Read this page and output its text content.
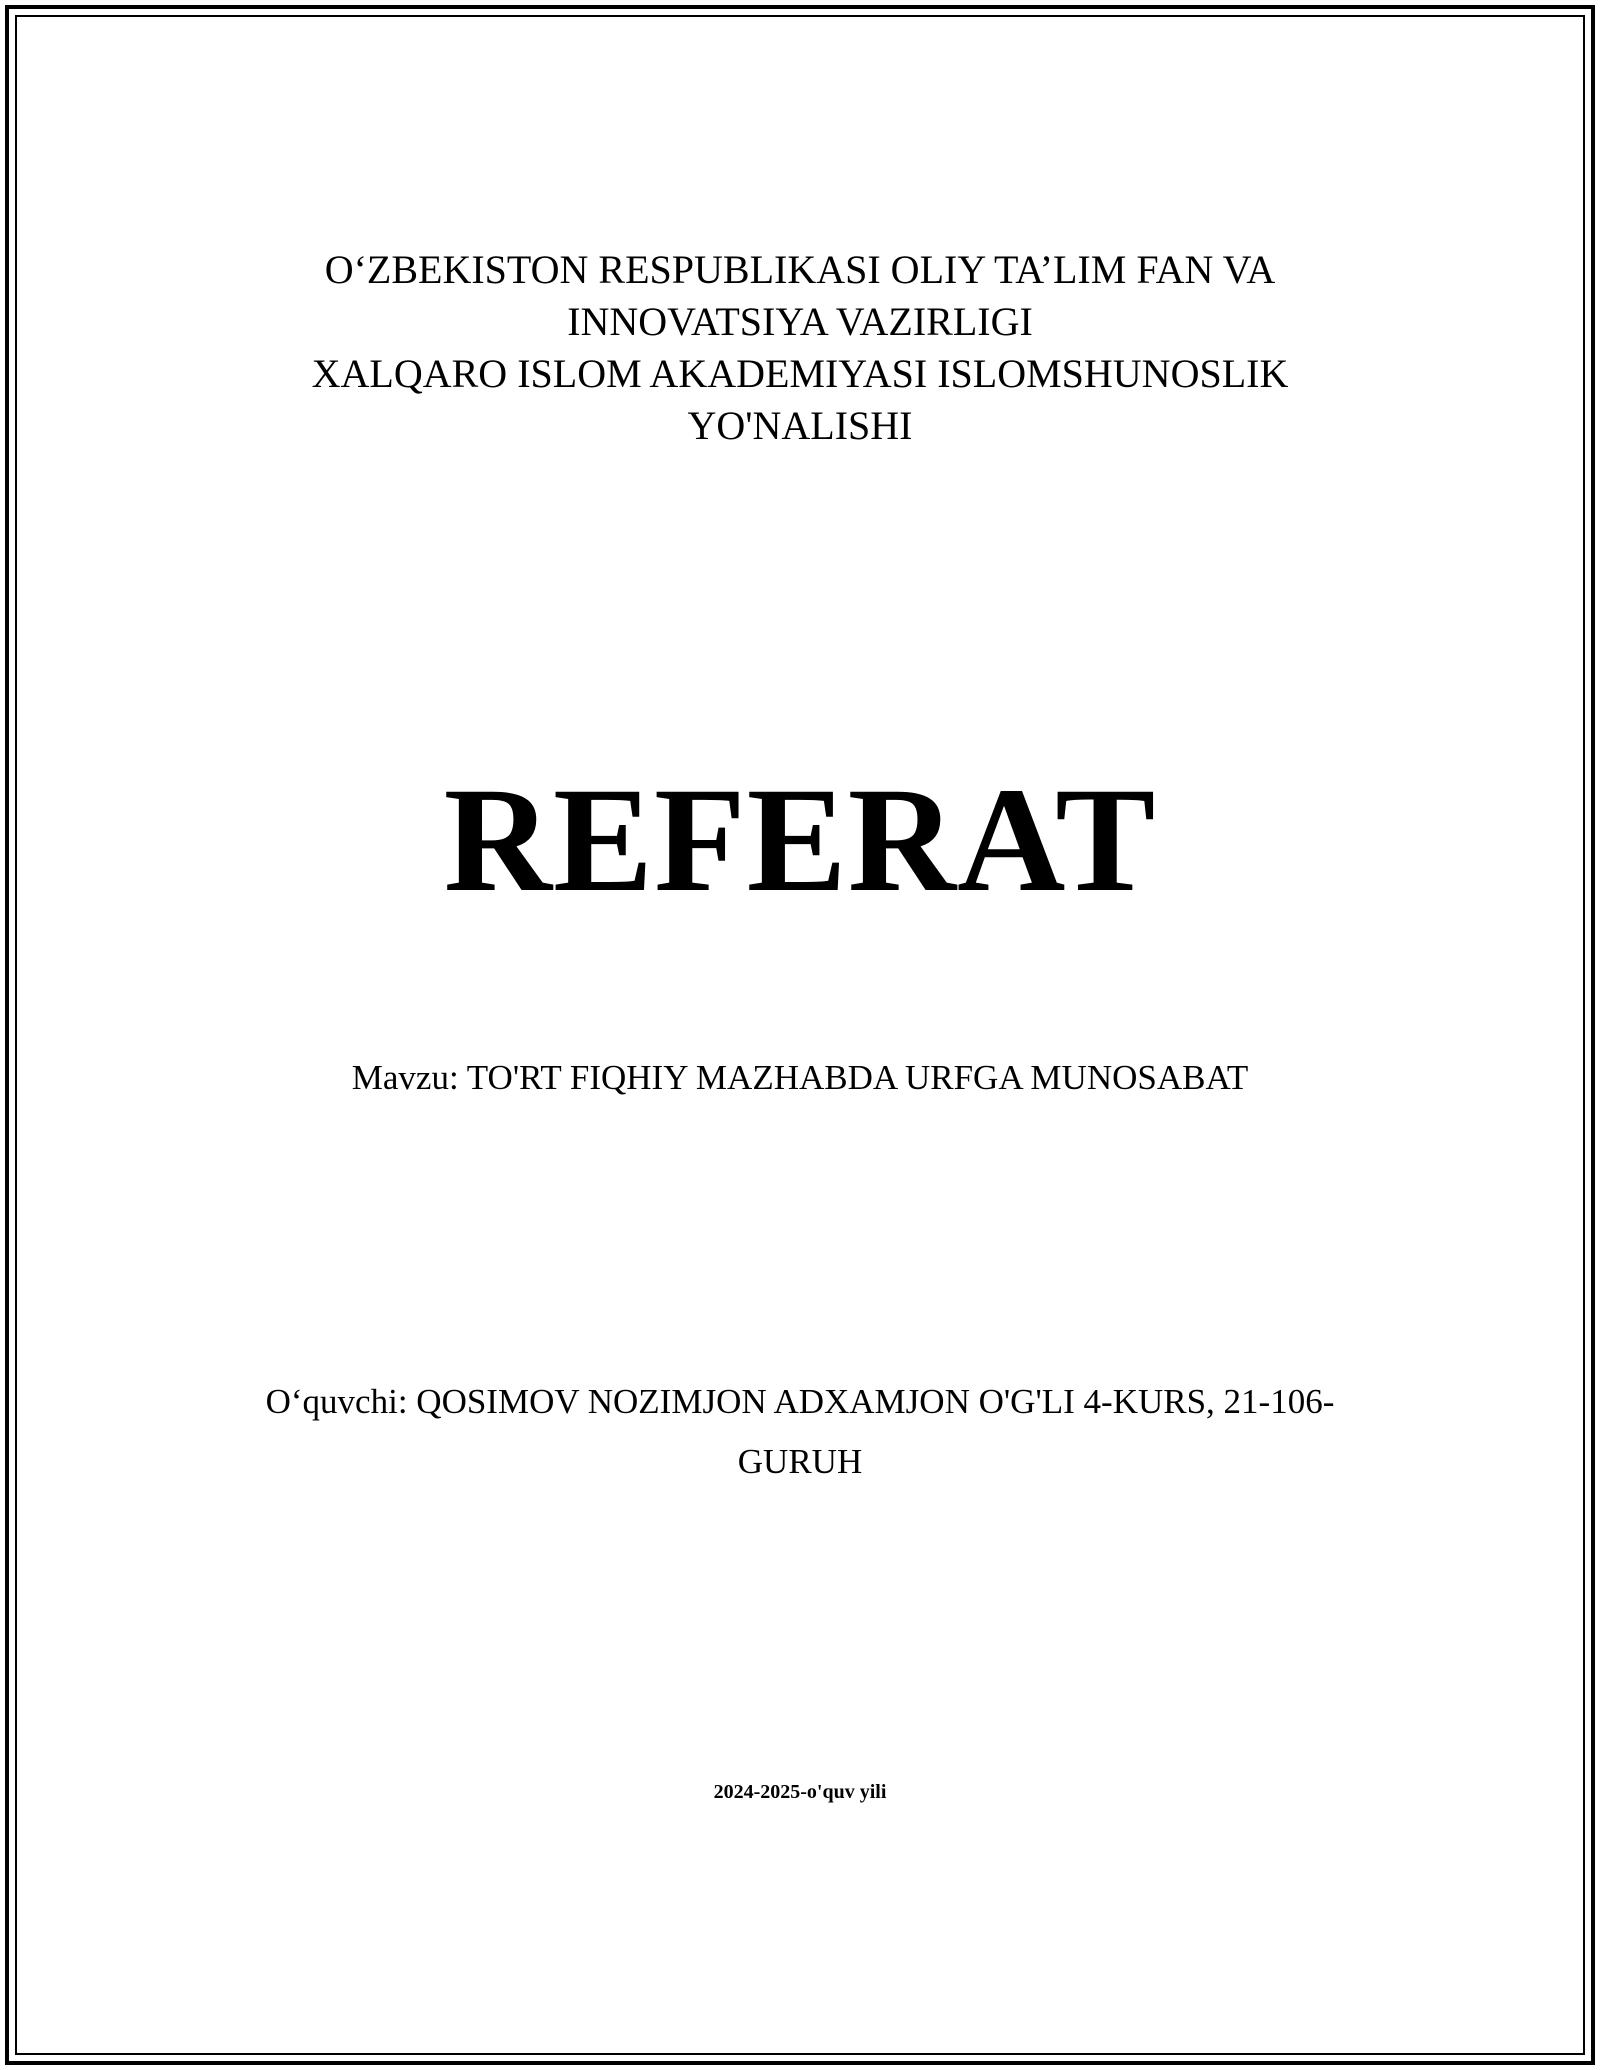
O‘ZBEKISTON RESPUBLIKASI OLIY TA’LIM FAN VA
INNOVATSIYA VAZIRLIGI
XALQARO ISLOM AKADEMIYASI ISLOMSHUNOSLIK
YO'NALISHI
REFERAT
Mavzu: TO'RT FIQHIY MAZHABDA URFGA MUNOSABAT
O‘quvchi: QOSIMOV NOZIMJON ADXAMJON O'G'LI 4-KURS, 21-106-
GURUH
2024-2025-o'quv yili
